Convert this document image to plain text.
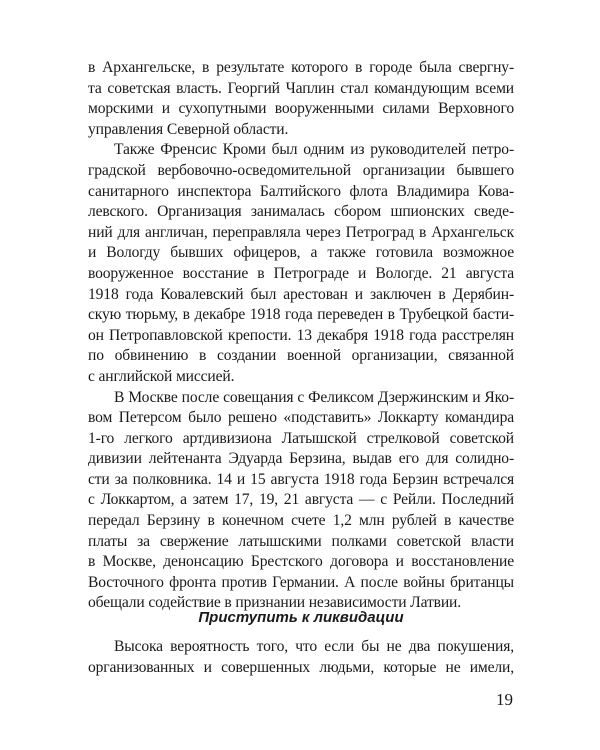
в Архангельске, в результате которого в городе была свергну-
та советская власть. Георгий Чаплин стал командующим всеми
морскими и сухопутными вооруженными силами Верховного
управления Северной области.

Также Френсис Кроми был одним из руководителей петро-
градской вербовочно-осведомительной организации бывшего
санитарного инспектора Балтийского флота Владимира Кова-
левского. Организация занималась сбором шпионских сведе-
ний для англичан, переправляла через Петроград в Архангельск
и Вологду бывших офицеров, а также готовила возможное
вооруженное восстание в Петрограде и Вологде. 21 августа
1918 года Ковалевский был арестован и заключен в Дерябин-
скую тюрьму, в декабре 1918 года переведен в Трубецкой басти-
он Петропавловской крепости. 13 декабря 1918 года расстрелян
по обвинению в создании военной организации, связанной
с английской миссией.

В Москве после совещания с Феликсом Дзержинским и Яко-
вом Петерсом было решено «подставить» Локкарту командира
1-го легкого артдивизиона Латышской стрелковой советской
дивизии лейтенанта Эдуарда Берзина, выдав его для солидно-
сти за полковника. 14 и 15 августа 1918 года Берзин встречался
с Локкартом, а затем 17, 19, 21 августа — с Рейли. Последний
передал Берзину в конечном счете 1,2 млн рублей в качестве
платы за свержение латышскими полками советской власти
в Москве, денонсацию Брестского договора и восстановление
Восточного фронта против Германии. А после войны британцы
обещали содействие в признании независимости Латвии.

Приступить к ликвидации
Высока вероятность того, что если бы не два покушения,
организованных и совершенных людьми, которые не имели,
19
